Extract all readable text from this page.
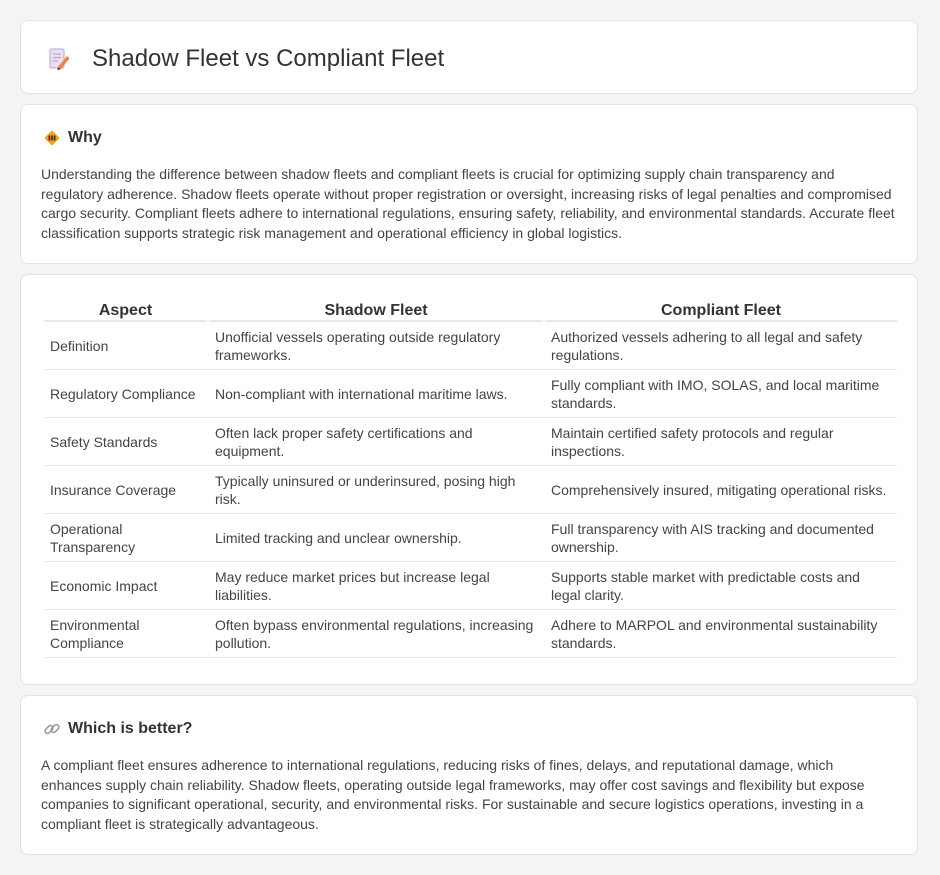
Shadow Fleet vs Compliant Fleet
Why

Understanding the difference between shadow fleets and compliant fleets is crucial for optimizing supply chain transparency and regulatory adherence. Shadow fleets operate without proper registration or oversight, increasing risks of legal penalties and compromised cargo security. Compliant fleets adhere to international regulations, ensuring safety, reliability, and environmental standards. Accurate fleet classification supports strategic risk management and operational efficiency in global logistics.

Aspect	Shadow Fleet	Compliant Fleet
Definition	Unofficial vessels operating outside regulatory frameworks.	Authorized vessels adhering to all legal and safety regulations.
Regulatory Compliance	Non-compliant with international maritime laws.	Fully compliant with IMO, SOLAS, and local maritime standards.
Safety Standards	Often lack proper safety certifications and equipment.	Maintain certified safety protocols and regular inspections.
Insurance Coverage	Typically uninsured or underinsured, posing high risk.	Comprehensively insured, mitigating operational risks.
Operational Transparency	Limited tracking and unclear ownership.	Full transparency with AIS tracking and documented ownership.
Economic Impact	May reduce market prices but increase legal liabilities.	Supports stable market with predictable costs and legal clarity.
Environmental Compliance	Often bypass environmental regulations, increasing pollution.	Adhere to MARPOL and environmental sustainability standards.
Which is better?

A compliant fleet ensures adherence to international regulations, reducing risks of fines, delays, and reputational damage, which enhances supply chain reliability. Shadow fleets, operating outside legal frameworks, may offer cost savings and flexibility but expose companies to significant operational, security, and environmental risks. For sustainable and secure logistics operations, investing in a compliant fleet is strategically advantageous.
